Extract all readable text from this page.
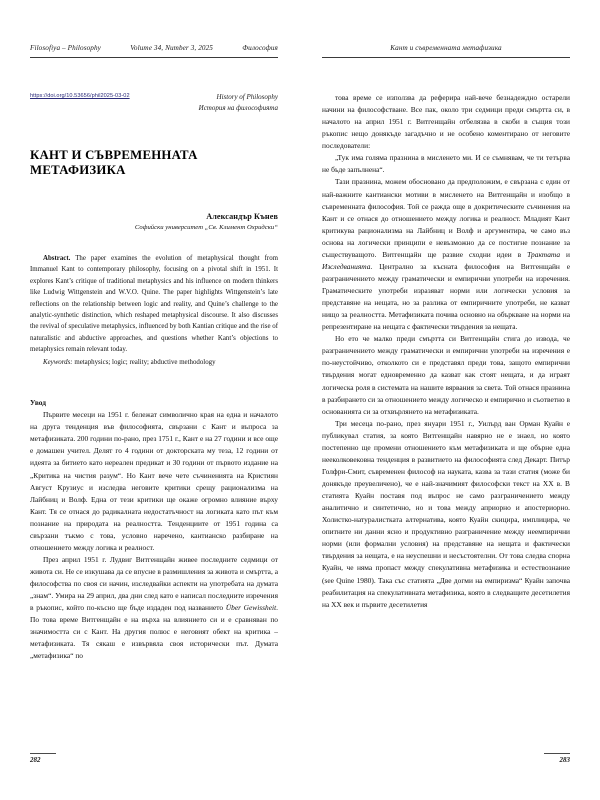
Filosofiya – Philosophy	Volume 34, Number 3, 2025	Философия
https://doi.org/10.53656/phil2025-03-02	History of Philosophy
История на философията
КАНТ И СЪВРЕМЕННАТА МЕТАФИЗИКА
Александър Кънев
Софийски университет „Св. Климент Охридски“
Abstract. The paper examines the evolution of metaphysical thought from Immanuel Kant to contemporary philosophy, focusing on a pivotal shift in 1951. It explores Kant’s critique of traditional metaphysics and his influence on modern thinkers like Ludwig Wittgenstein and W.V.O. Quine. The paper highlights Wittgenstein’s late reflections on the relationship between logic and reality, and Quine’s challenge to the analytic-synthetic distinction, which reshaped metaphysical discourse. It also discusses the revival of speculative metaphysics, influenced by both Kantian critique and the rise of naturalistic and abductive approaches, and questions whether Kant’s objections to metaphysics remain relevant today.
Keywords: metaphysics; logic; reality; abductive methodology
Увод

Първите месеци на 1951 г. бележат символично края на една и началото на друга тенденция във философията, свързани с Кант и въпроса за метафизиката. 200 години по-рано, през 1751 г., Кант е на 27 години и все още е домашен учител. Делят го 4 години от докторската му теза, 12 години от идеята за битието като нереален предикат и 30 години от първото издание на „Критика на чистия разум“. Но Кант вече чете съчиненията на Кристиян Август Крузиус и изследва неговите критики срещу рационализма на Лайбниц и Волф. Една от тези критики ще окаже огромно влияние върху Кант. Тя се отнася до радикалната недостатъчност на логиката като път към познание на природата на реалността. Тенденциите от 1951 година са свързани тъкмо с това, условно наречено, кантианско разбиране на отношението между логика и реалност.

През април 1951 г. Лудвиг Витгенщайн живее последните седмици от живота си. Не се изкушава да се впусне в размишления за живота и смъртта, а философства по своя си начин, изследвайки аспекти на употребата на думата „знам“. Умира на 29 април, два дни след като е написал последните изречения в ръкопис, който по-късно ще бъде издаден под названието Über Gewissheit. По това време Витгенщайн е на върха на влиянието си и е сравняван по значимостта си с Кант. На другия полюс е неговият обект на критика – метафизиката. Тя сякаш е извървяла своя исторически път. Думата „метафизика“ по

282
Кант и съвременната метафизика

това време се използва да реферира най-вече безнадеждно остарели начини на философстване. Все пак, около три седмици преди смъртта си, в началото на април 1951 г. Витгенщайн отбелязва в скоби в същия този ръкопис нещо донякъде загадъчно и не особено коментирано от неговите последователи:

„Тук има голяма празнина в мисленето ми. И се съмнявам, че ти тетърва не бъде запълнена“.

Тази празнина, можем обосновано да предположим, е свързана с един от най-важните кантиански мотиви в мисленето на Витгенщайн и изобщо в съвременната философия. Той се ражда още в докритическите съчинения на Кант и се отнася до отношението между логика и реалност. Младият Кант критикува рационализма на Лайбниц и Волф и аргументира, че само въз основа на логически принципи е невъзможно да се постигне познание за съществуващото. Витгенщайн ще развие сходни идеи в Трактата и Изследванията. Централно за късната философия на Витгенщайн е разграничението между граматически и емпирични употреби на изречения. Граматическите употреби изразяват норми или логически условия за представяне на нещата, но за разлика от емпиричните употреби, не казват нищо за реалността. Метафизиката почива основно на объркване на норми на репрезентиране на нещата с фактически твърдения за нещата.

Но ето че малко преди смъртта си Витгенщайн стига до извода, че разграничението между граматически и емпирични употреби на изречения е по-неустойчиво, отколкото си е представял преди това, защото емпирични твърдения могат едновременно да казват как стоят нещата, и да играят логическа роля в системата на нашите вярвания за света. Той отнася празнина в разбирането си за отношението между логическо и емпирично и съответно в основанията си за отхвърлянето на метафизиката.

Три месеца по-рано, през януари 1951 г., Уилърд ван Орман Куайн е публикувал статия, за която Витгенщайн навярно не е знаел, но която постепенно ще промени отношението към метафизиката и ще обърне една нееколковековна тенденция в развитието на философията след Декарт. Питър Голфри-Смит, съвременен философ на науката, казва за тази статия (може би донякъде преувеличено), че е най-значимият философски текст на ХХ в. В статията Куайн поставя под въпрос не само разграничението между аналитично и синтетично, но и това между априорно и апостериорно. Холистко-натуралистката алтернатива, която Куайн скицира, имплицира, че опитните ни данни ясно и продуктивно разграничение между неемпирични норми (или формални условия) на представяне на нещата и фактически твърдения за нещата, е на неуспешни и несъстоятелни. От това следва спорна Куайн, че няма пропаст между спекулативна метафизика и естествознание (see Quine 1980). Така със статията „Две догми на емпиризма“ Куайн започва реабилитация на спекулативната метафизика, която в следващите десетилетия на ХХ век и първите десетилетия

283
